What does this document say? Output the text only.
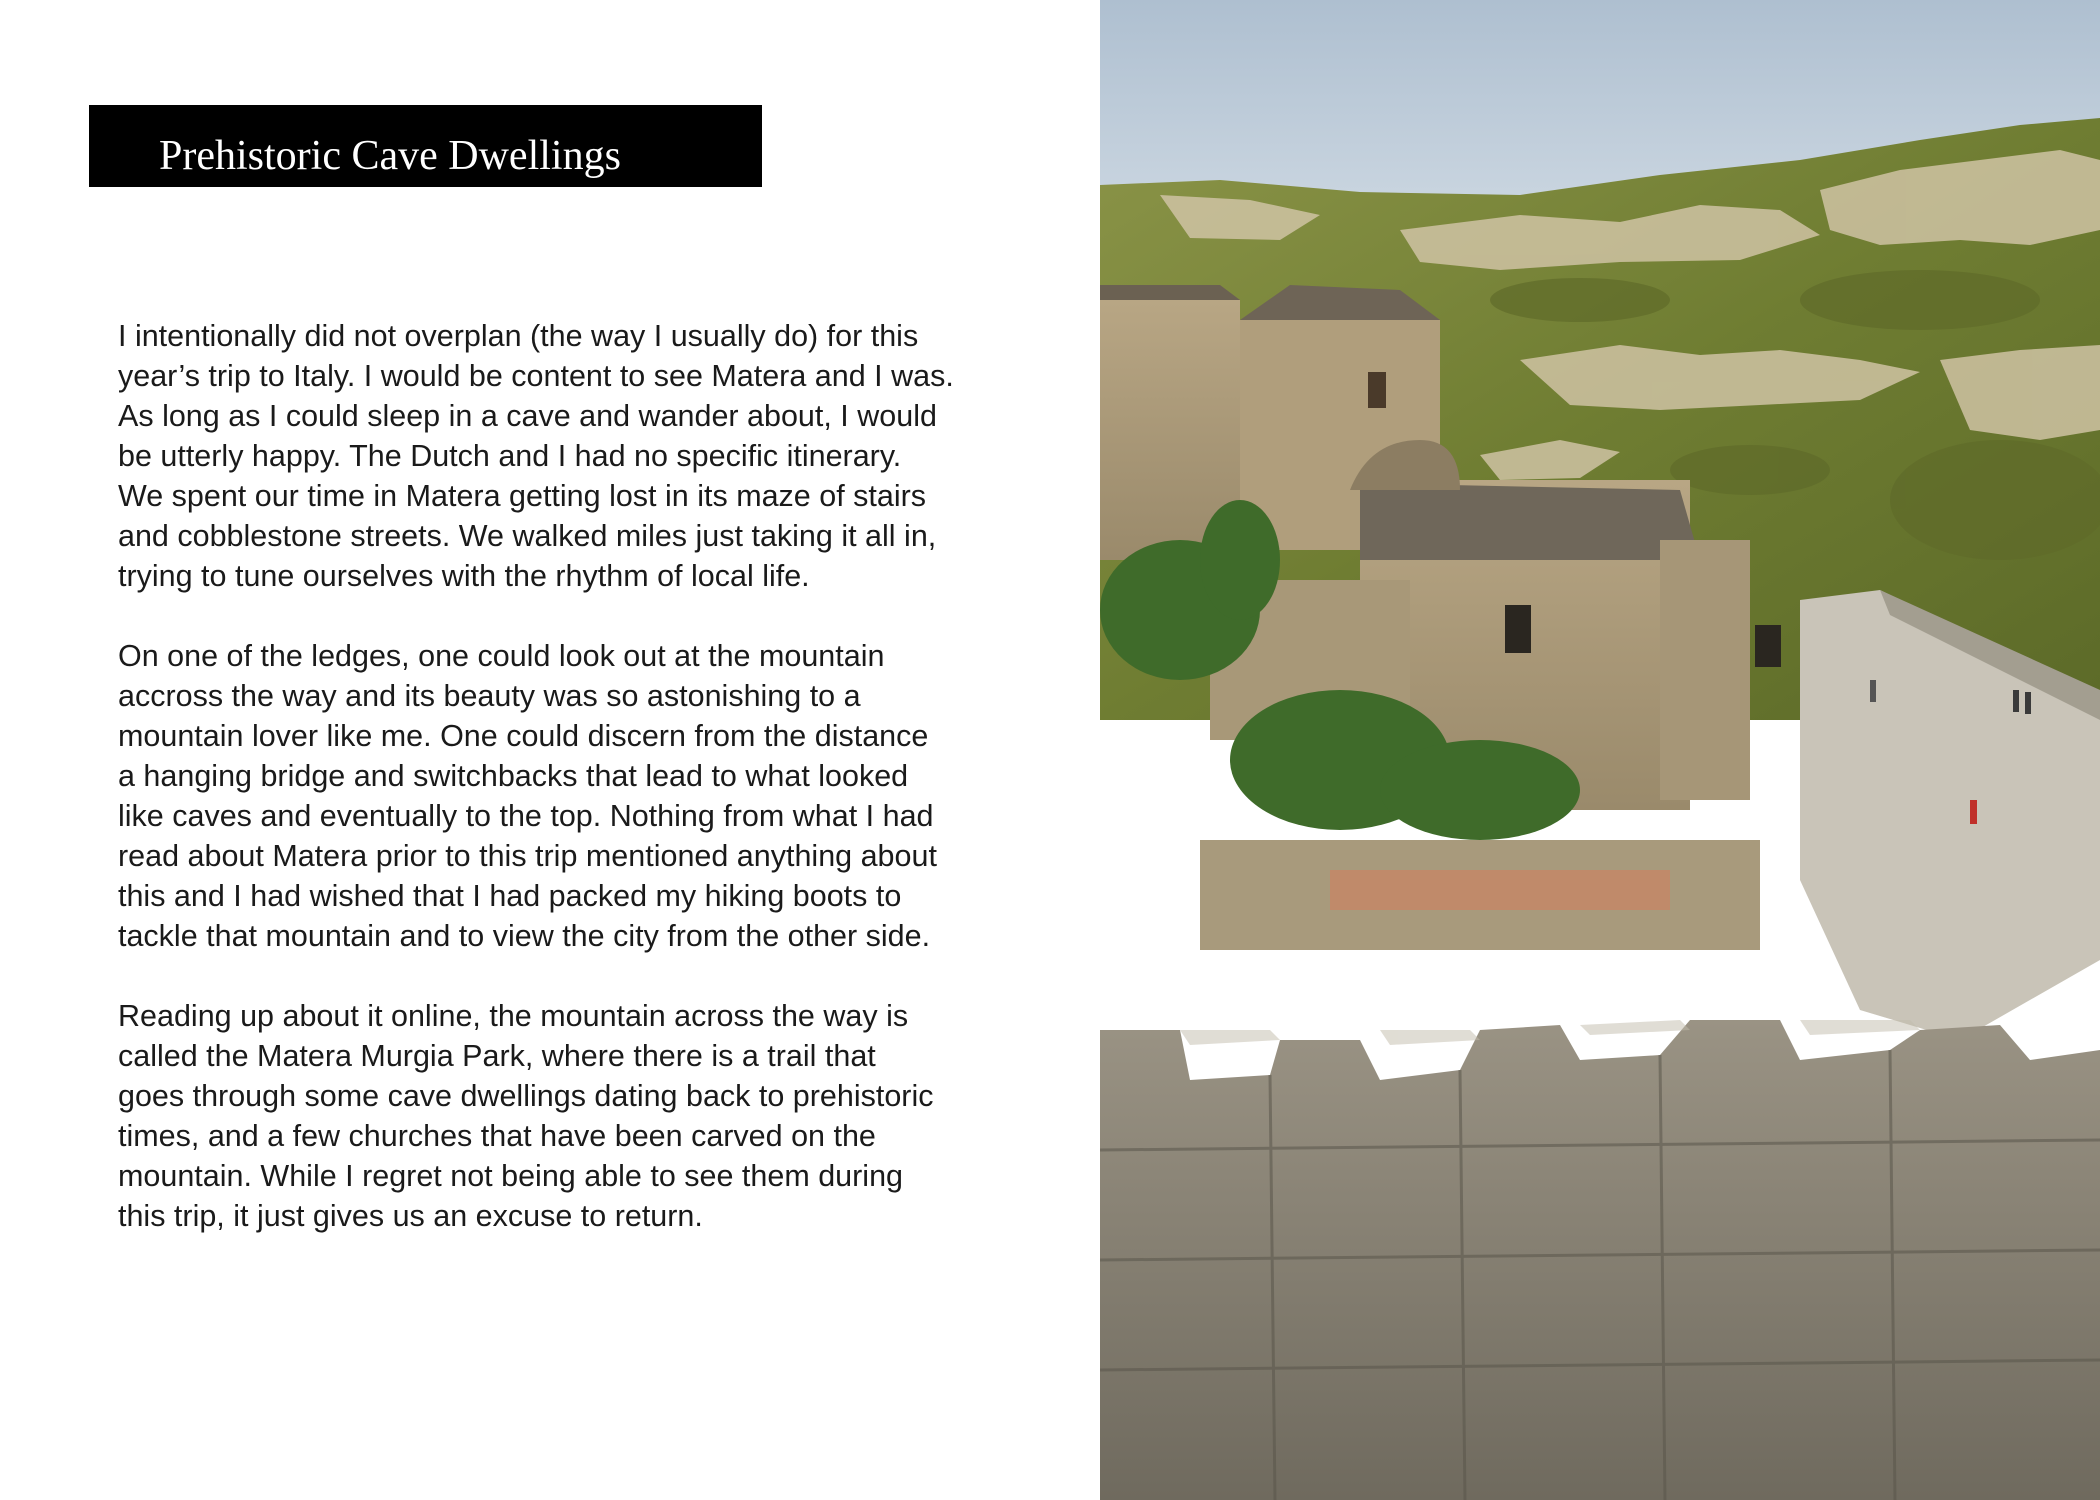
Prehistoric Cave Dwellings

I intentionally did not overplan (the way I usually do) for this
year’s trip to Italy. I would be content to see Matera and I was.
As long as I could sleep in a cave and wander about, I would
be utterly happy. The Dutch and I had no specific itinerary.
We spent our time in Matera getting lost in its maze of stairs
and cobblestone streets. We walked miles just taking it all in,
trying to tune ourselves with the rhythm of local life.

On one of the ledges, one could look out at the mountain
accross the way and its beauty was so astonishing to a
mountain lover like me. One could discern from the distance
a hanging bridge and switchbacks that lead to what looked
like caves and eventually to the top. Nothing from what I had
read about Matera prior to this trip mentioned anything about
this and I had wished that I had packed my hiking boots to
tackle that mountain and to view the city from the other side.

Reading up about it online, the mountain across the way is
called the Matera Murgia Park, where there is a trail that
goes through some cave dwellings dating back to prehistoric
times, and a few churches that have been carved on the
mountain. While I regret not being able to see them during
this trip, it just gives us an excuse to return.
